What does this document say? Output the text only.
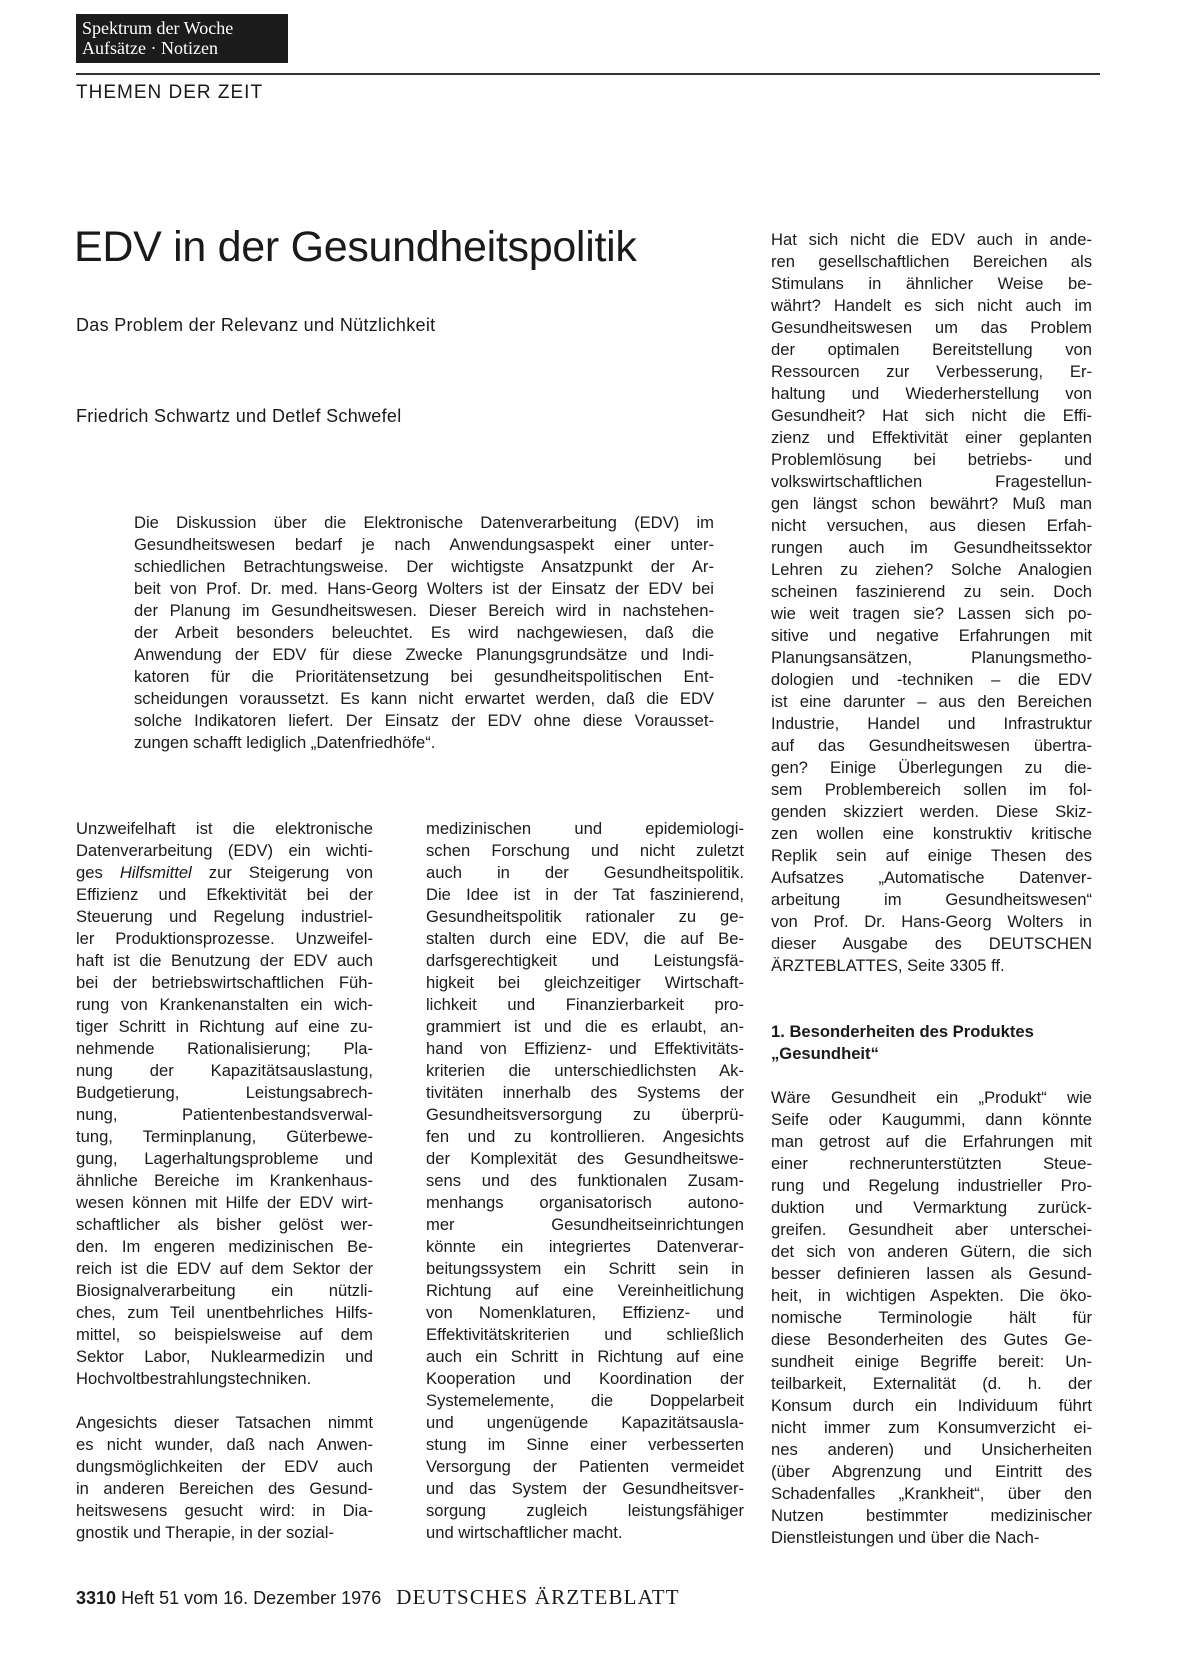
Spektrum der Woche
Aufsätze · Notizen
THEMEN DER ZEIT
EDV in der Gesundheitspolitik
Das Problem der Relevanz und Nützlichkeit
Friedrich Schwartz und Detlef Schwefel
Die Diskussion über die Elektronische Datenverarbeitung (EDV) im
Gesundheitswesen bedarf je nach Anwendungsaspekt einer unter-
schiedlichen Betrachtungsweise. Der wichtigste Ansatzpunkt der Ar-
beit von Prof. Dr. med. Hans-Georg Wolters ist der Einsatz der EDV bei
der Planung im Gesundheitswesen. Dieser Bereich wird in nachstehen-
der Arbeit besonders beleuchtet. Es wird nachgewiesen, daß die
Anwendung der EDV für diese Zwecke Planungsgrundsätze und Indi-
katoren für die Prioritätensetzung bei gesundheitspolitischen Ent-
scheidungen voraussetzt. Es kann nicht erwartet werden, daß die EDV
solche Indikatoren liefert. Der Einsatz der EDV ohne diese Vorausset-
zungen schafft lediglich „Datenfriedhöfe“.
Unzweifelhaft ist die elektronische
Datenverarbeitung (EDV) ein wichti-
ges Hilfsmittel zur Steigerung von
Effizienz und Efkektivität bei der
Steuerung und Regelung industriel-
ler Produktionsprozesse. Unzweifel-
haft ist die Benutzung der EDV auch
bei der betriebswirtschaftlichen Füh-
rung von Krankenanstalten ein wich-
tiger Schritt in Richtung auf eine zu-
nehmende Rationalisierung; Pla-
nung der Kapazitätsauslastung,
Budgetierung, Leistungsabrech-
nung, Patientenbestandsverwal-
tung, Terminplanung, Güterbewe-
gung, Lagerhaltungsprobleme und
ähnliche Bereiche im Krankenhaus-
wesen können mit Hilfe der EDV wirt-
schaftlicher als bisher gelöst wer-
den. Im engeren medizinischen Be-
reich ist die EDV auf dem Sektor der
Biosignalverarbeitung ein nützli-
ches, zum Teil unentbehrliches Hilfs-
mittel, so beispielsweise auf dem
Sektor Labor, Nuklearmedizin und
Hochvoltbestrahlungstechniken.
Angesichts dieser Tatsachen nimmt
es nicht wunder, daß nach Anwen-
dungsmöglichkeiten der EDV auch
in anderen Bereichen des Gesund-
heitswesens gesucht wird: in Dia-
gnostik und Therapie, in der sozial-
medizinischen und epidemiologi-
schen Forschung und nicht zuletzt
auch in der Gesundheitspolitik.
Die Idee ist in der Tat faszinierend,
Gesundheitspolitik rationaler zu ge-
stalten durch eine EDV, die auf Be-
darfsgerechtigkeit und Leistungsfä-
higkeit bei gleichzeitiger Wirtschaft-
lichkeit und Finanzierbarkeit pro-
grammiert ist und die es erlaubt, an-
hand von Effizienz- und Effektivitäts-
kriterien die unterschiedlichsten Ak-
tivitäten innerhalb des Systems der
Gesundheitsversorgung zu überprü-
fen und zu kontrollieren. Angesichts
der Komplexität des Gesundheitswe-
sens und des funktionalen Zusam-
menhangs organisatorisch autono-
mer Gesundheitseinrichtungen
könnte ein integriertes Datenverar-
beitungssystem ein Schritt sein in
Richtung auf eine Vereinheitlichung
von Nomenklaturen, Effizienz- und
Effektivitätskriterien und schließlich
auch ein Schritt in Richtung auf eine
Kooperation und Koordination der
Systemelemente, die Doppelarbeit
und ungenügende Kapazitätsausla-
stung im Sinne einer verbesserten
Versorgung der Patienten vermeidet
und das System der Gesundheitsver-
sorgung zugleich leistungsfähiger
und wirtschaftlicher macht.
Hat sich nicht die EDV auch in ande-
ren gesellschaftlichen Bereichen als
Stimulans in ähnlicher Weise be-
währt? Handelt es sich nicht auch im
Gesundheitswesen um das Problem
der optimalen Bereitstellung von
Ressourcen zur Verbesserung, Er-
haltung und Wiederherstellung von
Gesundheit? Hat sich nicht die Effi-
zienz und Effektivität einer geplanten
Problemlösung bei betriebs- und
volkswirtschaftlichen Fragestellun-
gen längst schon bewährt? Muß man
nicht versuchen, aus diesen Erfah-
rungen auch im Gesundheitssektor
Lehren zu ziehen? Solche Analogien
scheinen faszinierend zu sein. Doch
wie weit tragen sie? Lassen sich po-
sitive und negative Erfahrungen mit
Planungsansätzen, Planungsmetho-
dologien und -techniken – die EDV
ist eine darunter – aus den Bereichen
Industrie, Handel und Infrastruktur
auf das Gesundheitswesen übertra-
gen? Einige Überlegungen zu die-
sem Problembereich sollen im fol-
genden skizziert werden. Diese Skiz-
zen wollen eine konstruktiv kritische
Replik sein auf einige Thesen des
Aufsatzes „Automatische Datenver-
arbeitung im Gesundheitswesen“
von Prof. Dr. Hans-Georg Wolters in
dieser Ausgabe des DEUTSCHEN
ÄRZTEBLATTES, Seite 3305 ff.
1. Besonderheiten des Produktes
„Gesundheit“
Wäre Gesundheit ein „Produkt“ wie
Seife oder Kaugummi, dann könnte
man getrost auf die Erfahrungen mit
einer rechnerunterstützten Steue-
rung und Regelung industrieller Pro-
duktion und Vermarktung zurück-
greifen. Gesundheit aber unterschei-
det sich von anderen Gütern, die sich
besser definieren lassen als Gesund-
heit, in wichtigen Aspekten. Die öko-
nomische Terminologie hält für
diese Besonderheiten des Gutes Ge-
sundheit einige Begriffe bereit: Un-
teilbarkeit, Externalität (d. h. der
Konsum durch ein Individuum führt
nicht immer zum Konsumverzicht ei-
nes anderen) und Unsicherheiten
(über Abgrenzung und Eintritt des
Schadenfalles „Krankheit“, über den
Nutzen bestimmter medizinischer
Dienstleistungen und über die Nach-
3310 Heft 51 vom 16. Dezember 1976 DEUTSCHES ÄRZTEBLATT
